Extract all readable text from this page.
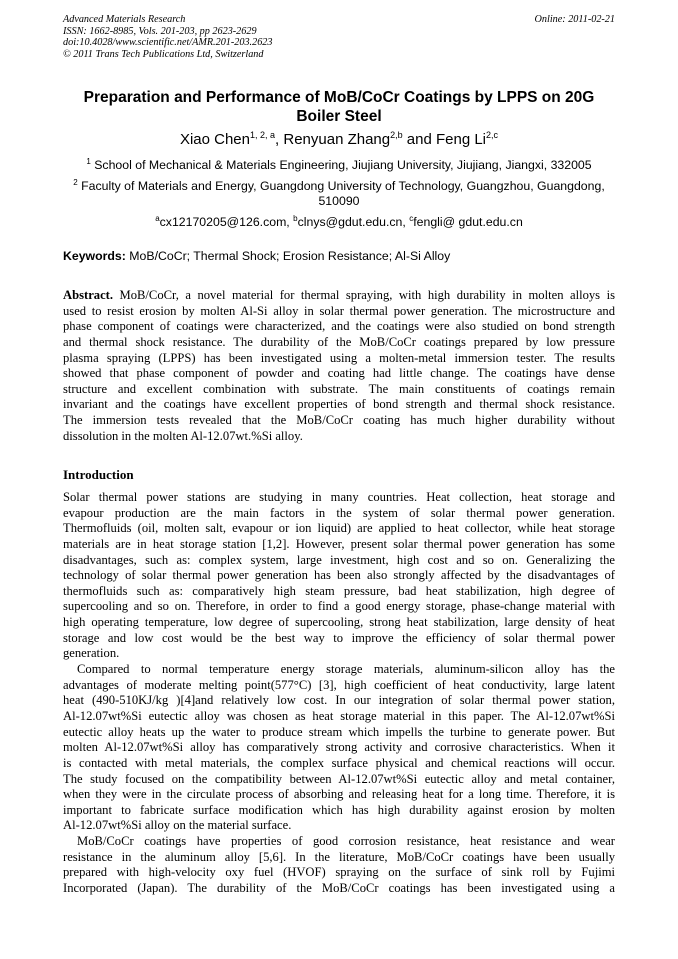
Advanced Materials Research
ISSN: 1662-8985, Vols. 201-203, pp 2623-2629
doi:10.4028/www.scientific.net/AMR.201-203.2623
© 2011 Trans Tech Publications Ltd, Switzerland
Online: 2011-02-21
Preparation and Performance of MoB/CoCr Coatings by LPPS on 20G
Boiler Steel
Xiao Chen$^{1, 2, a}$, Renyuan Zhang$^{2,b}$ and Feng Li$^{2,c}$
$^1$ School of Mechanical & Materials Engineering, Jiujiang University, Jiujiang, Jiangxi, 332005
$^2$ Faculty of Materials and Energy, Guangdong University of Technology, Guangzhou, Guangdong,
510090
$^a$cx12170205@126.com, $^b$clnys@gdut.edu.cn, $^c$fengli@ gdut.edu.cn
Keywords: MoB/CoCr; Thermal Shock; Erosion Resistance; Al-Si Alloy
Abstract. MoB/CoCr, a novel material for thermal spraying, with high durability in molten alloys is
used to resist erosion by molten Al-Si alloy in solar thermal power generation. The microstructure and
phase component of coatings were characterized, and the coatings were also studied on bond strength
and thermal shock resistance. The durability of the MoB/CoCr coatings prepared by low pressure
plasma spraying (LPPS) has been investigated using a molten-metal immersion tester. The results
showed that phase component of powder and coating had little change. The coatings have dense
structure and excellent combination with substrate. The main constituents of coatings remain
invariant and the coatings have excellent properties of bond strength and thermal shock resistance.
The immersion tests revealed that the MoB/CoCr coating has much higher durability without
dissolution in the molten Al-12.07wt.%Si alloy.
Introduction
Solar thermal power stations are studying in many countries. Heat collection, heat storage and
evapour production are the main factors in the system of solar thermal power generation.
Thermofluids (oil, molten salt, evapour or ion liquid) are applied to heat collector, while heat storage
materials are in heat storage station [1,2]. However, present solar thermal power generation has some
disadvantages, such as: complex system, large investment, high cost and so on. Generalizing the
technology of solar thermal power generation has been also strongly affected by the disadvantages of
thermofluids such as: comparatively high steam pressure, bad heat stabilization, high degree of
supercooling and so on. Therefore, in order to find a good energy storage, phase-change material with
high operating temperature, low degree of supercooling, strong heat stabilization, large density of heat
storage and low cost would be the best way to improve the efficiency of solar thermal power
generation.
Compared to normal temperature energy storage materials, aluminum-silicon alloy has the
advantages of moderate melting point(577°C) [3], high coefficient of heat conductivity, large latent
heat (490-510KJ/kg )[4]and relatively low cost. In our integration of solar thermal power station,
Al-12.07wt%Si eutectic alloy was chosen as heat storage material in this paper. The Al-12.07wt%Si
eutectic alloy heats up the water to produce stream which impells the turbine to generate power. But
molten Al-12.07wt%Si alloy has comparatively strong activity and corrosive characteristics. When it
is contacted with metal materials, the complex surface physical and chemical reactions will occur.
The study focused on the compatibility between Al-12.07wt%Si eutectic alloy and metal container,
when they were in the circulate process of absorbing and releasing heat for a long time. Therefore, it is
important to fabricate surface modification which has high durability against erosion by molten
Al-12.07wt%Si alloy on the material surface.
MoB/CoCr coatings have properties of good corrosion resistance, heat resistance and wear
resistance in the aluminum alloy [5,6]. In the literature, MoB/CoCr coatings have been usually
prepared with high-velocity oxy fuel (HVOF) spraying on the surface of sink roll by Fujimi
Incorporated (Japan). The durability of the MoB/CoCr coatings has been investigated using a
